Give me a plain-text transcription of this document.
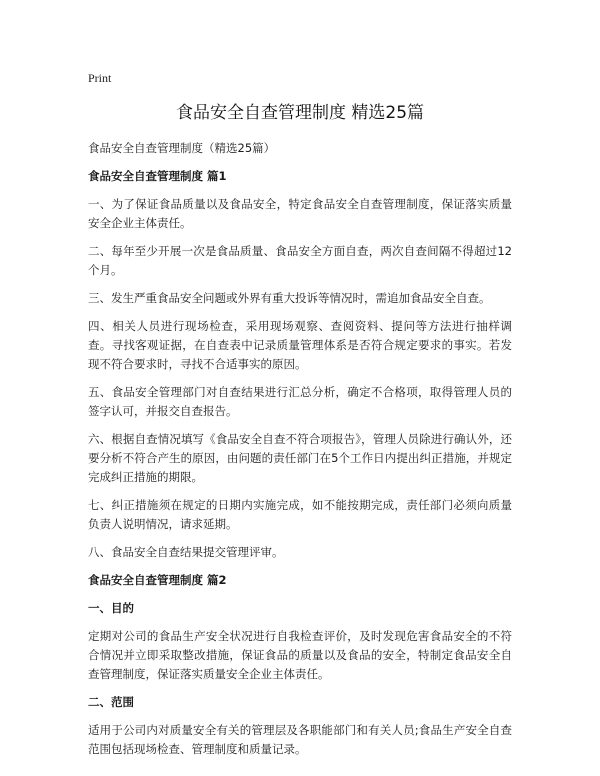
Print
食品安全自查管理制度 精选25篇

食品安全自查管理制度（精选25篇）

食品安全自查管理制度 篇1

一、为了保证食品质量以及食品安全，特定食品安全自查管理制度，保证落实质量安全企业主体责任。

二、每年至少开展一次是食品质量、食品安全方面自查，两次自查间隔不得超过12个月。

三、发生严重食品安全问题或外界有重大投诉等情况时，需追加食品安全自查。

四、相关人员进行现场检查，采用现场观察、查阅资料、提问等方法进行抽样调查。寻找客观证据，在自查表中记录质量管理体系是否符合规定要求的事实。若发现不符合要求时，寻找不合适事实的原因。

五、食品安全管理部门对自查结果进行汇总分析，确定不合格项，取得管理人员的签字认可，并报交自查报告。

六、根据自查情况填写《食品安全自查不符合项报告》，管理人员除进行确认外，还要分析不符合产生的原因，由问题的责任部门在5个工作日内提出纠正措施，并规定完成纠正措施的期限。

七、纠正措施须在规定的日期内实施完成，如不能按期完成，责任部门必须向质量负责人说明情况，请求延期。

八、食品安全自查结果提交管理评审。

食品安全自查管理制度 篇2

一、目的

定期对公司的食品生产安全状况进行自我检查评价，及时发现危害食品安全的不符合情况并立即采取整改措施，保证食品的质量以及食品的安全，特制定食品安全自查管理制度，保证落实质量安全企业主体责任。

二、范围

适用于公司内对质量安全有关的管理层及各职能部门和有关人员;食品生产安全自查范围包括现场检查、管理制度和质量记录。
